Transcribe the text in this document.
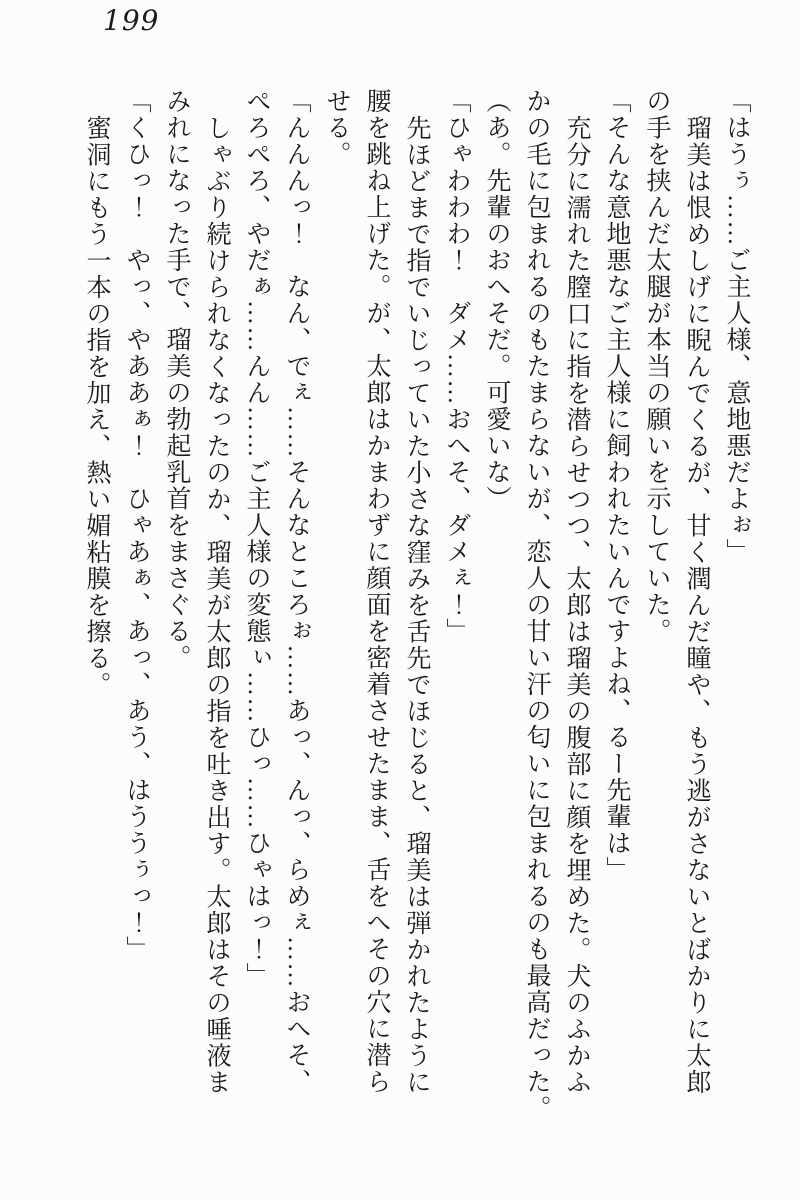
199

「はうぅ……ご主人様、意地悪だよぉ」

瑠美は恨めしげに睨んでくるが、甘く潤んだ瞳や、もう逃がさないとばかりに太郎

の手を挟んだ太腿が本当の願いを示していた。

「そんな意地悪なご主人様に飼われたいんですよね、るー先輩は」

充分に濡れた膣口に指を潜らせつつ、太郎は瑠美の腹部に顔を埋めた。犬のふかふ

かの毛に包まれるのもたまらないが、恋人の甘い汗の匂いに包まれるのも最高だった。

（あ。先輩のおへそだ。可愛いな）

「ひゃわわわ！　ダメ……おへそ、ダメぇ！」

先ほどまで指でいじっていた小さな窪みを舌先でほじると、瑠美は弾かれたように

腰を跳ね上げた。が、太郎はかまわずに顔面を密着させたまま、舌をへその穴に潜ら

せる。

「んんんっ！　なん、でぇ……そんなところぉ……あっ、んっ、らめぇ……おへそ、

ぺろぺろ、やだぁ……んん……ご主人様の変態ぃ……ひっ……ひゃはっ！」

しゃぶり続けられなくなったのか、瑠美が太郎の指を吐き出す。太郎はその唾液ま

みれになった手で、瑠美の勃起乳首をまさぐる。

「くひっ！　やっ、やああぁ！　ひゃあぁ、あっ、あう、はううぅっ！」

蜜洞にもう一本の指を加え、熱い媚粘膜を擦る。
